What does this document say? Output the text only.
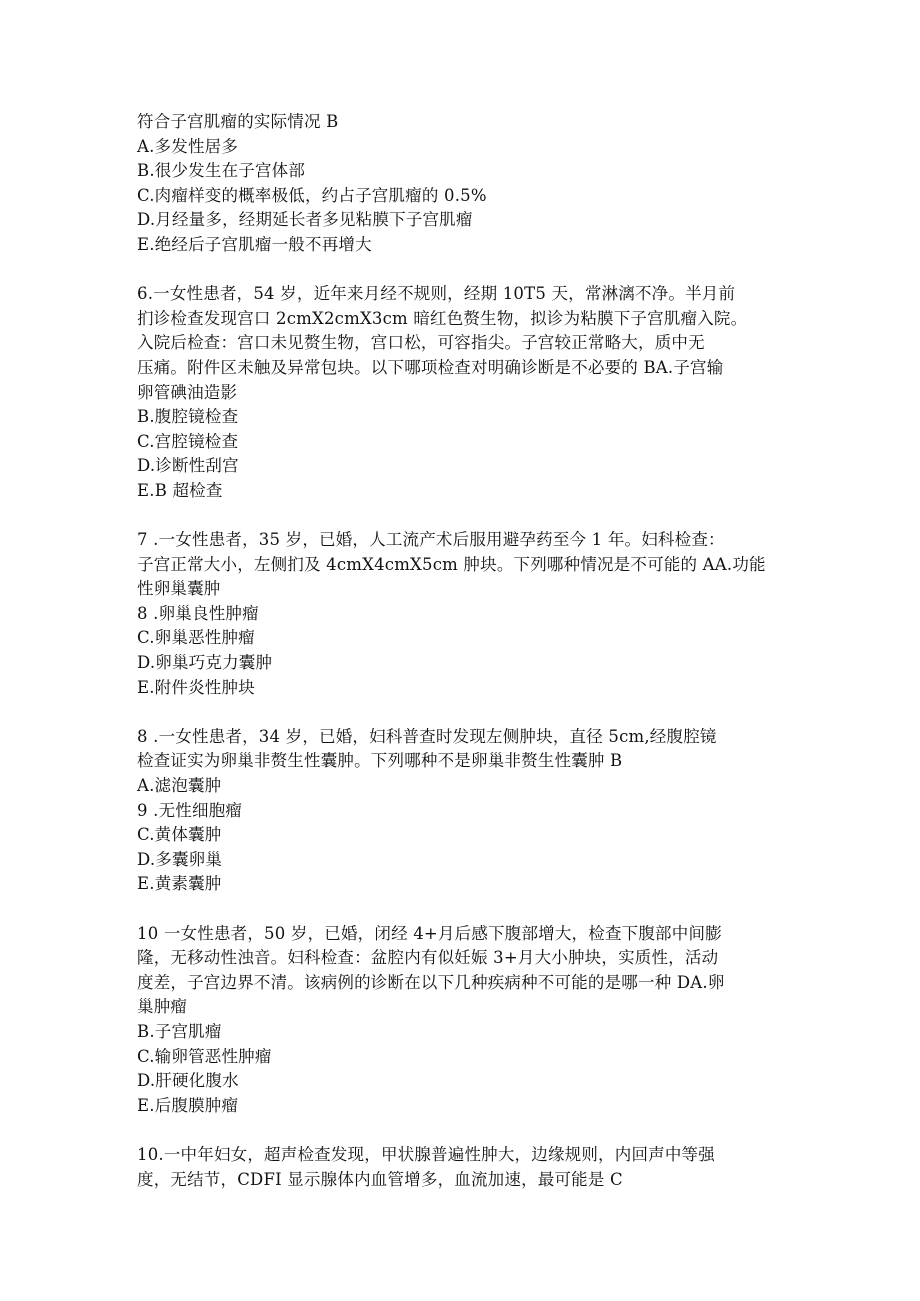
符合子宫肌瘤的实际情况 B
A.多发性居多
B.很少发生在子宫体部
C.肉瘤样变的概率极低，约占子宫肌瘤的 0.5%
D.月经量多，经期延长者多见粘膜下子宫肌瘤
E.绝经后子宫肌瘤一般不再增大
6.一女性患者，54 岁，近年来月经不规则，经期 10T5 天，常淋漓不净。半月前
扪诊检查发现宫口 2cmX2cmX3cm 暗红色赘生物，拟诊为粘膜下子宫肌瘤入院。
入院后检查：宫口未见赘生物，宫口松，可容指尖。子宫较正常略大，质中无
压痛。附件区未触及异常包块。以下哪项检查对明确诊断是不必要的 BA.子宫输
卵管碘油造影
B.腹腔镜检查
C.宫腔镜检查
D.诊断性刮宫
E.B 超检查
7 .一女性患者，35 岁，已婚，人工流产术后服用避孕药至今 1 年。妇科检查：
子宫正常大小，左侧扪及 4cmX4cmX5cm 肿块。下列哪种情况是不可能的 AA.功能
性卵巢囊肿
8 .卵巢良性肿瘤
C.卵巢恶性肿瘤
D.卵巢巧克力囊肿
E.附件炎性肿块
8 .一女性患者，34 岁，已婚，妇科普查时发现左侧肿块，直径 5cm,经腹腔镜
检查证实为卵巢非赘生性囊肿。下列哪种不是卵巢非赘生性囊肿 B
A.滤泡囊肿
9 .无性细胞瘤
C.黄体囊肿
D.多囊卵巢
E.黄素囊肿
10 一女性患者，50 岁，已婚，闭经 4+月后感下腹部增大，检查下腹部中间膨
隆，无移动性浊音。妇科检查：盆腔内有似妊娠 3+月大小肿块，实质性，活动
度差，子宫边界不清。该病例的诊断在以下几种疾病种不可能的是哪一种 DA.卵
巢肿瘤
B.子宫肌瘤
C.输卵管恶性肿瘤
D.肝硬化腹水
E.后腹膜肿瘤
10.一中年妇女，超声检查发现，甲状腺普遍性肿大，边缘规则，内回声中等强
度，无结节，CDFI 显示腺体内血管增多，血流加速，最可能是 C
